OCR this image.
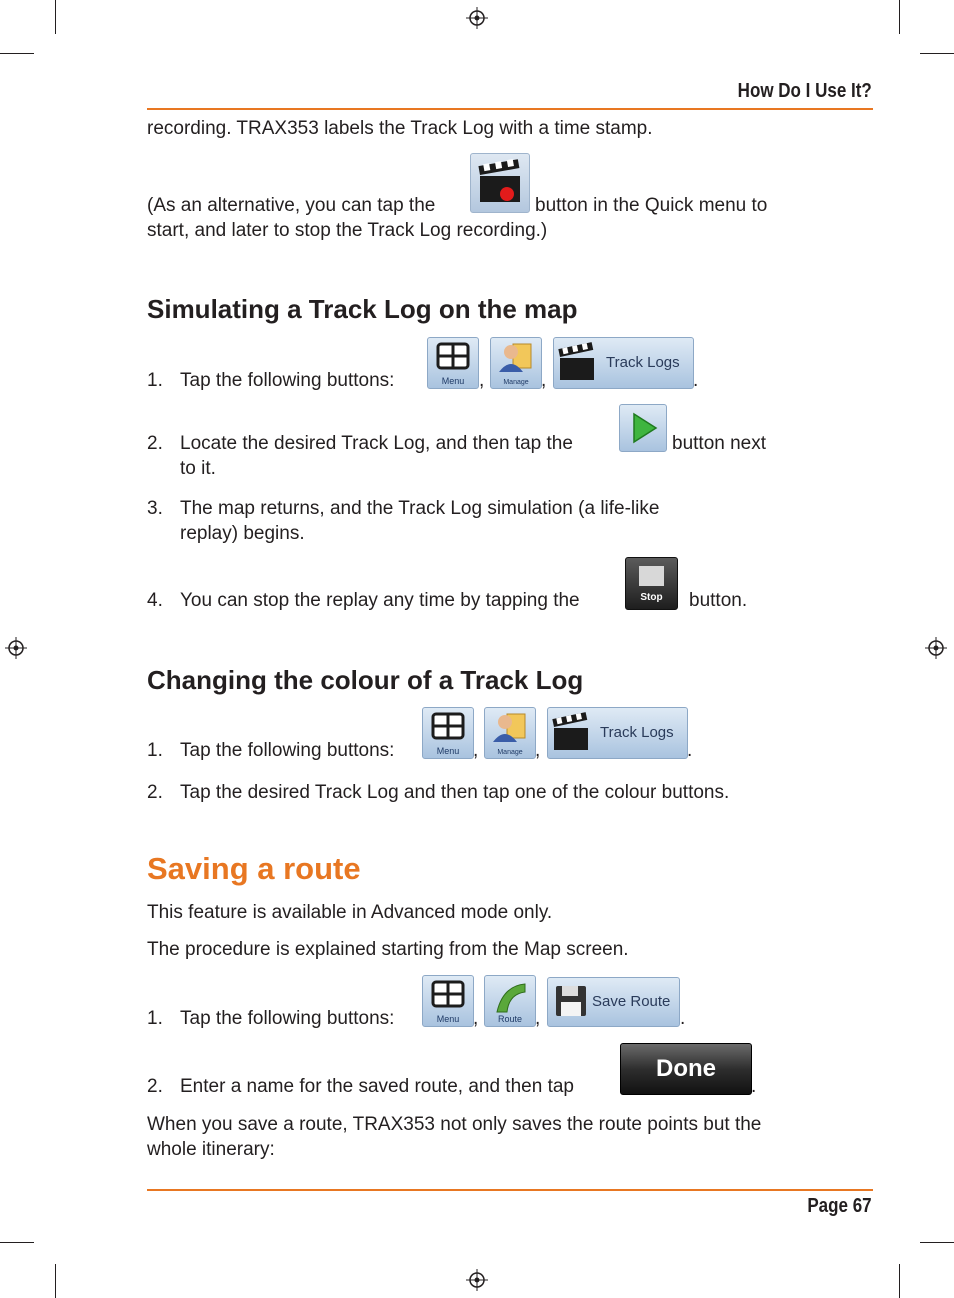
How Do I Use It?
recording. TRAX353 labels the Track Log with a time stamp.
(As an alternative, you can tap the	button in the Quick menu to
start, and later to stop the Track Log recording.)
Simulating a Track Log on the map
1. Tap the following buttons:	Menu ,	Manage ,
Track Logs
.
2. Locate the desired Track Log, and then tap the	button next
to it.
3. The map returns, and the Track Log simulation (a life-like
replay) begins.
4. You can stop the replay any time by tapping the	Stop	button.
Changing the colour of a Track Log
1. Tap the following buttons:	Menu ,	Manage ,
Track Logs
.
2. Tap the desired Track Log and then tap one of the colour buttons.
Saving a route
This feature is available in Advanced mode only.
The procedure is explained starting from the Map screen.
1. Tap the following buttons:	Menu ,	Route ,
Save Route
.
2. Enter a name for the saved route, and then tap
Done
.
When you save a route, TRAX353 not only saves the route points but the
whole itinerary:
Page 67
